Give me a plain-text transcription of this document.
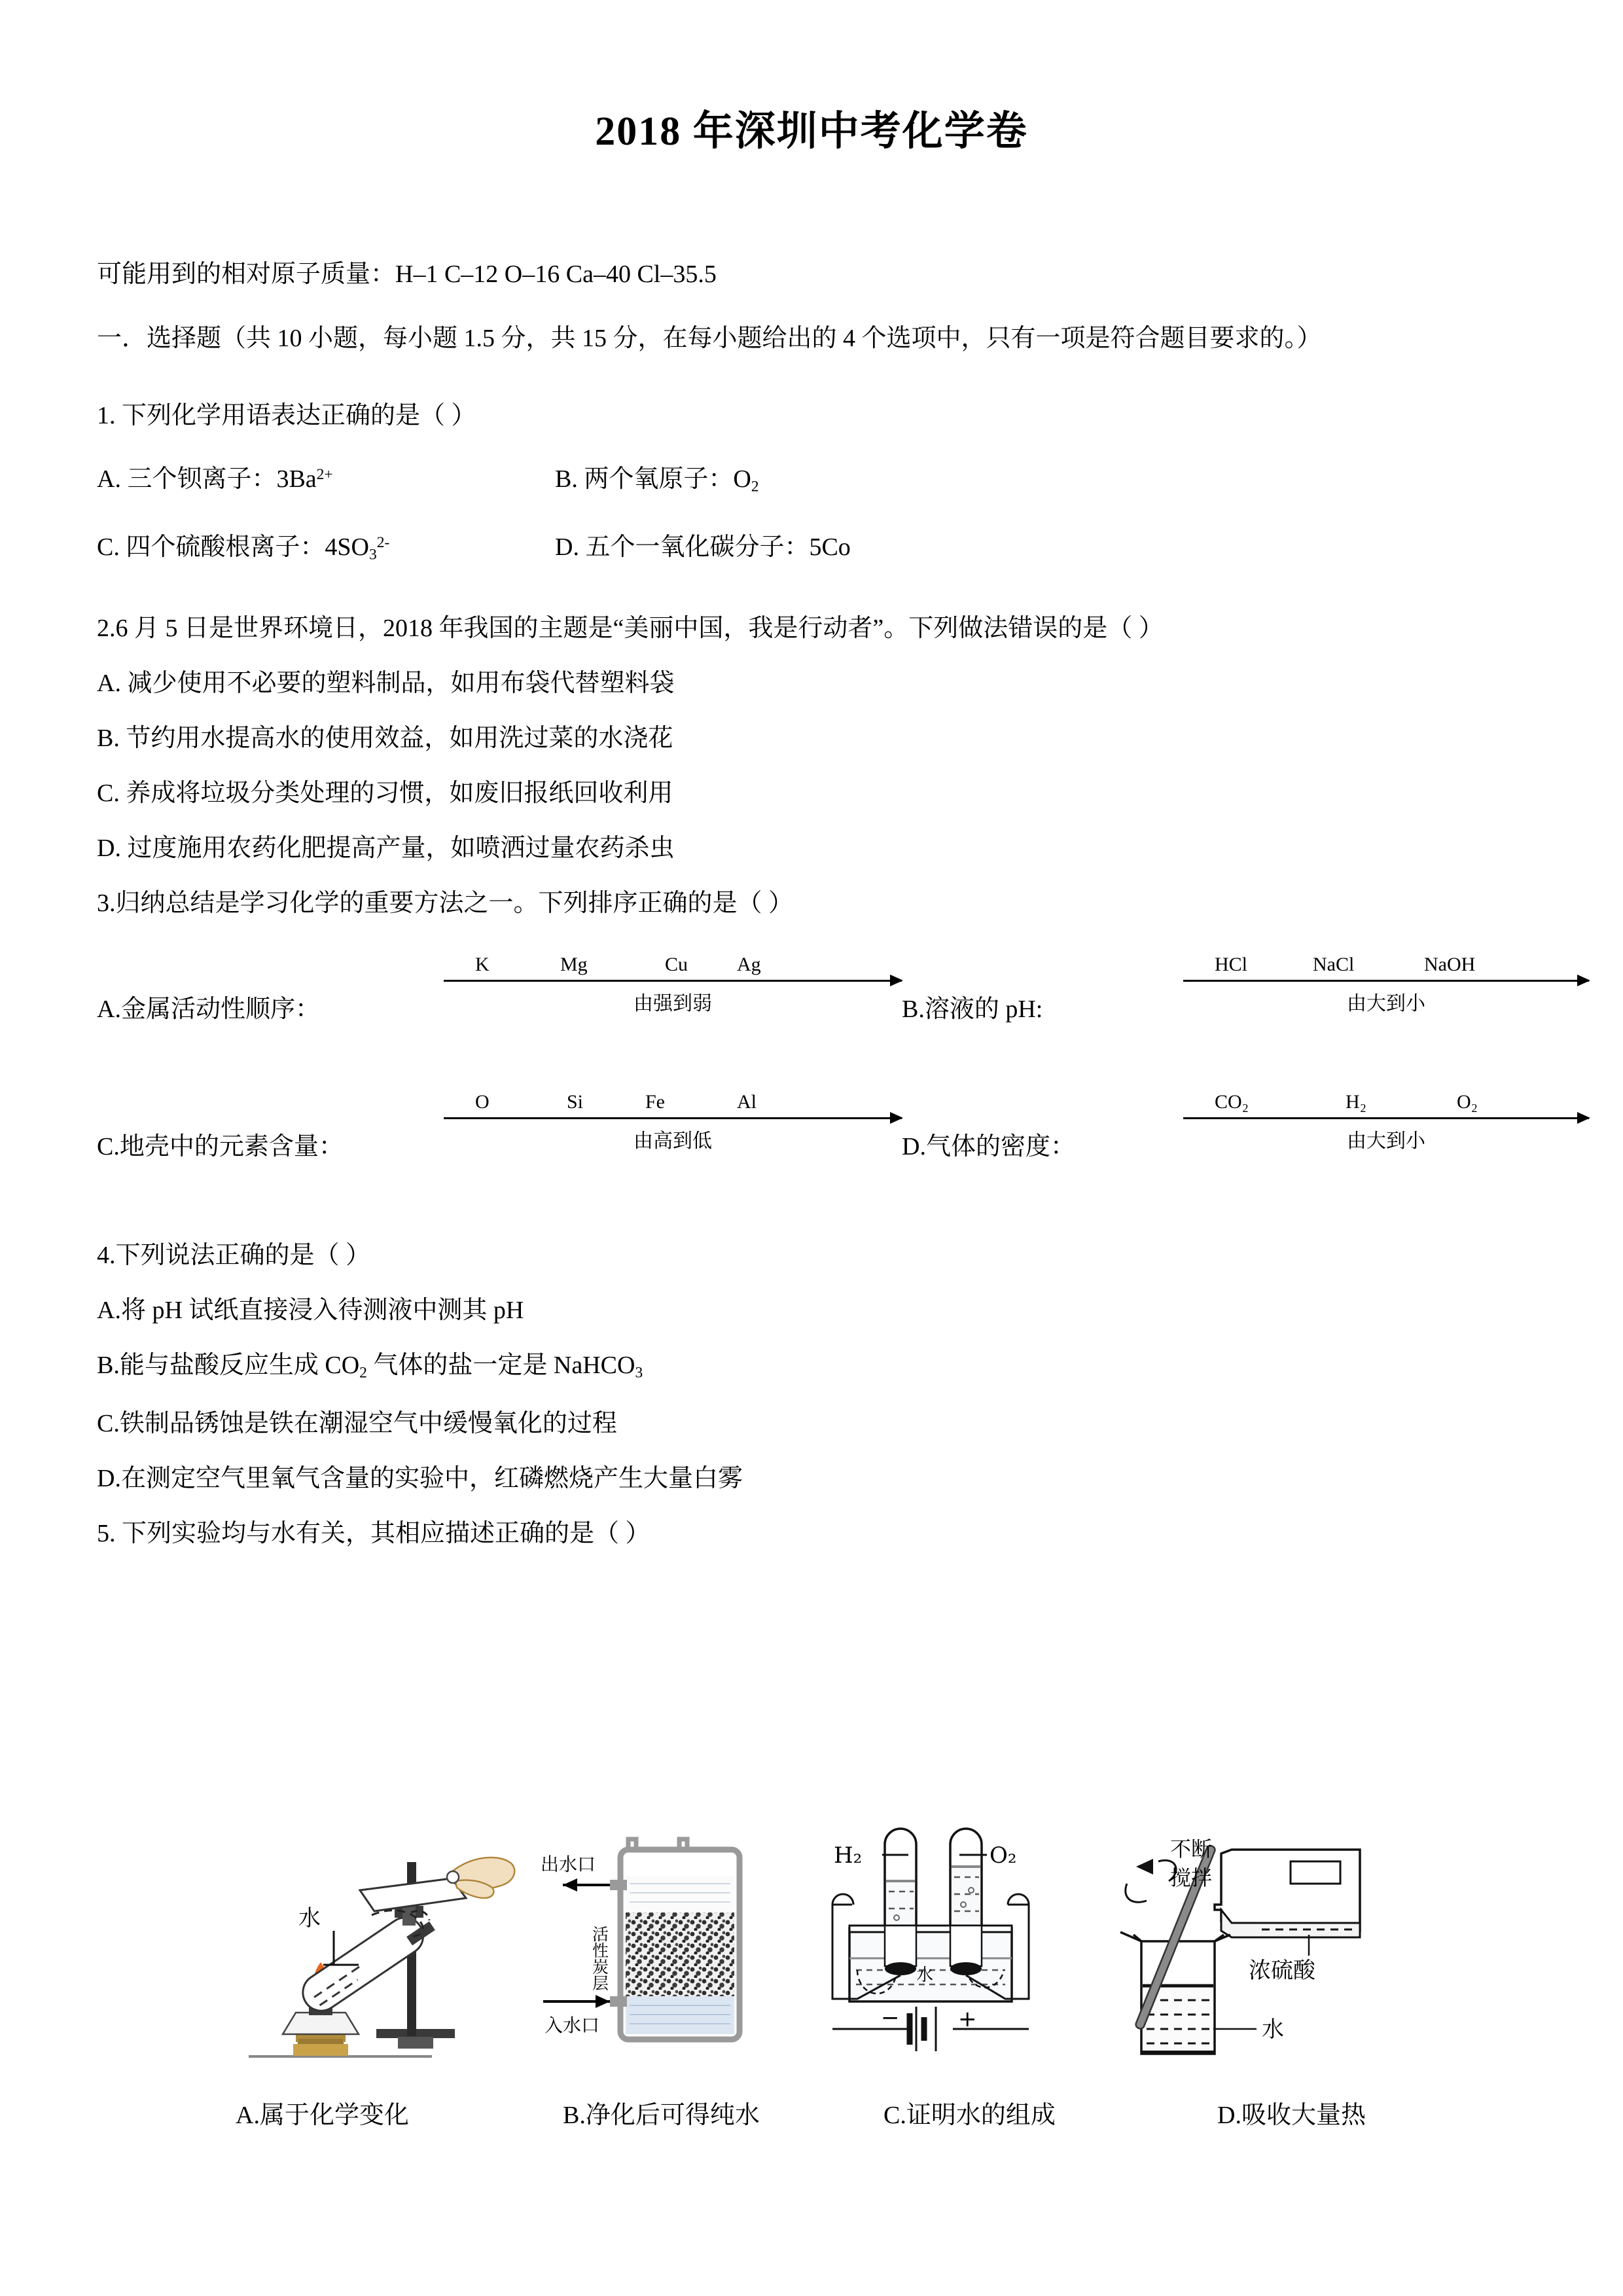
2018 年深圳中考化学卷
可能用到的相对原子质量：H–1 C–12 O–16 Ca–40 Cl–35.5
一．选择题（共 10 小题，每小题 1.5 分，共 15 分，在每小题给出的 4 个选项中，只有一项是符合题目要求的。）
1. 下列化学用语表达正确的是（ ）
A. 三个钡离子：$3Ba^{2+}$	B. 两个氧原子：$O_2$
C. 四个硫酸根离子：$4SO_3^{2-}$	D. 五个一氧化碳分子：5Co
2.6 月 5 日是世界环境日，2018 年我国的主题是“美丽中国，我是行动者”。下列做法错误的是（ ）
A. 减少使用不必要的塑料制品，如用布袋代替塑料袋
B. 节约用水提高水的使用效益，如用洗过菜的水浇花
C. 养成将垃圾分类处理的习惯，如废旧报纸回收利用
D. 过度施用农药化肥提高产量，如喷洒过量农药杀虫
3.归纳总结是学习化学的重要方法之一。下列排序正确的是（ ）
A.金属活动性顺序：
K	Mg	Cu	Ag
由强到弱	B.溶液的 pH:
HCl	NaCl	NaOH
由大到小
C.地壳中的元素含量：
O	Si	Fe	Al
由高到低	D.气体的密度：
CO₂	H₂	O₂
由大到小
4.下列说法正确的是（ ）
A.将 pH 试纸直接浸入待测液中测其 pH
B.能与盐酸反应生成 $CO_2$ 气体的盐一定是 NaHCO$_3$
C.铁制品锈蚀是铁在潮湿空气中缓慢氧化的过程
D.在测定空气里氧气含量的实验中，红磷燃烧产生大量白雾
5. 下列实验均与水有关，其相应描述正确的是（ ）
水
出水口
入水口
活性炭层
H₂	O₂
水
−	+
浓硫酸
水
不断
搅拌
A.属于化学变化	B.净化后可得纯水	C.证明水的组成	D.吸收大量热
